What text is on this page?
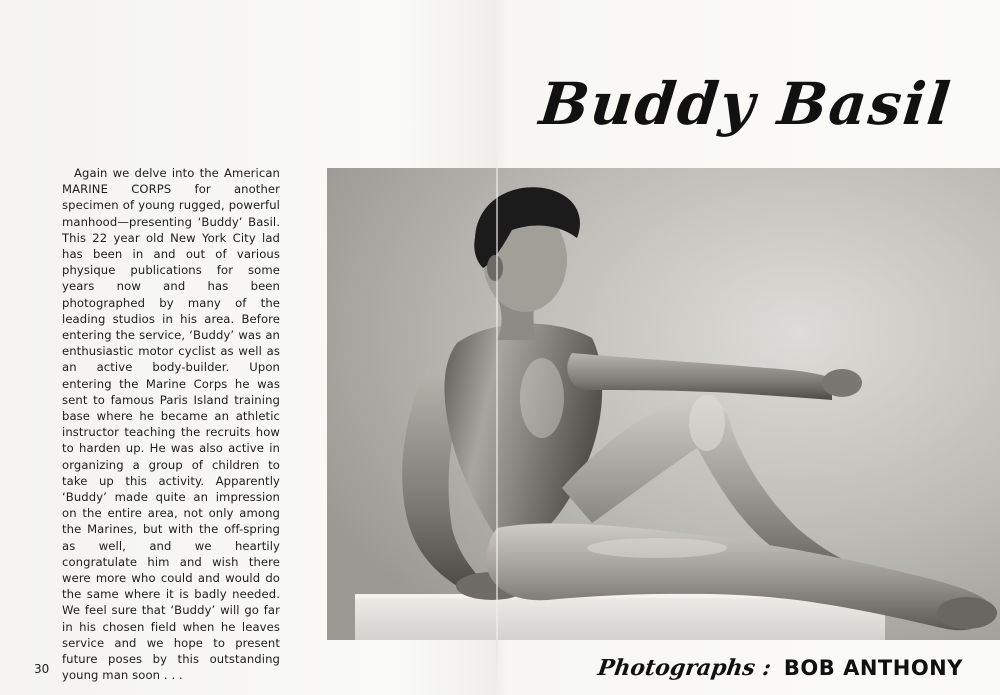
Again we delve into the American MARINE CORPS for another specimen of young rugged, powerful manhood—presenting ‘Buddy’ Basil. This 22 year old New York City lad has been in and out of various physique publications for some years now and has been photographed by many of the leading studios in his area. Before entering the service, ‘Buddy’ was an enthusiastic motor cyclist as well as an active body-builder. Upon entering the Marine Corps he was sent to famous Paris Island training base where he became an athletic instructor teaching the recruits how to harden up. He was also active in organizing a group of children to take up this activity. Apparently ‘Buddy’ made quite an impression on the entire area, not only among the Marines, but with the off-spring as well, and we heartily congratulate him and wish there were more who could and would do the same where it is badly needed. We feel sure that ‘Buddy’ will go far in his chosen field when he leaves service and we hope to present future poses by this outstanding young man soon . . .

30
Buddy Basil
Photographs : BOB ANTHONY
